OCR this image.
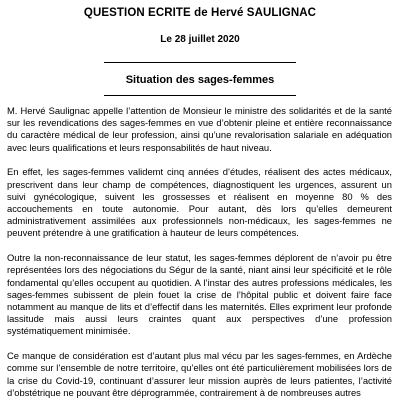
QUESTION ECRITE de Hervé SAULIGNAC
Le 28 juillet 2020
Situation des sages-femmes

M. Hervé Saulignac appelle l’attention de Monsieur le ministre des solidarités et de la santé sur les revendications des sages-femmes en vue d’obtenir pleine et entière reconnaissance du caractère médical de leur profession, ainsi qu’une revalorisation salariale en adéquation avec leurs qualifications et leurs responsabilités de haut niveau.

En effet, les sages-femmes validemt cinq années d’études, réalisent des actes médicaux, prescrivent dans leur champ de compétences, diagnostiquent les urgences, assurent un suivi gynécologique, suivent les grossesses et réalisent en moyenne 80 % des accouchements en toute autonomie. Pour autant, dès lors qu’elles demeurent administrativement assimilées aux professionnels non-médicaux, les sages-femmes ne peuvent prétendre à une gratification à hauteur de leurs compétences.

Outre la non-reconnaissance de leur statut, les sages-femmes déplorent de n’avoir pu être représentées lors des négociations du Ségur de la santé, niant ainsi leur spécificité et le rôle fondamental qu’elles occupent au quotidien. A l’instar des autres professions médicales, les sages-femmes subissent de plein fouet la crise de l’hôpital public et doivent faire face notamment au manque de lits et d’effectif dans les maternités. Elles expriment leur profonde lassitude mais aussi leurs craintes quant aux perspectives d’une profession systématiquement minimisée.

Ce manque de considération est d’autant plus mal vécu par les sages-femmes, en Ardèche comme sur l’ensemble de notre territoire, qu’elles ont été particulièrement mobilisées lors de la crise du Covid-19, continuant d’assurer leur mission auprès de leurs patientes, l’activité d’obstétrique ne pouvant être déprogrammée, contrairement à de nombreuses autres
